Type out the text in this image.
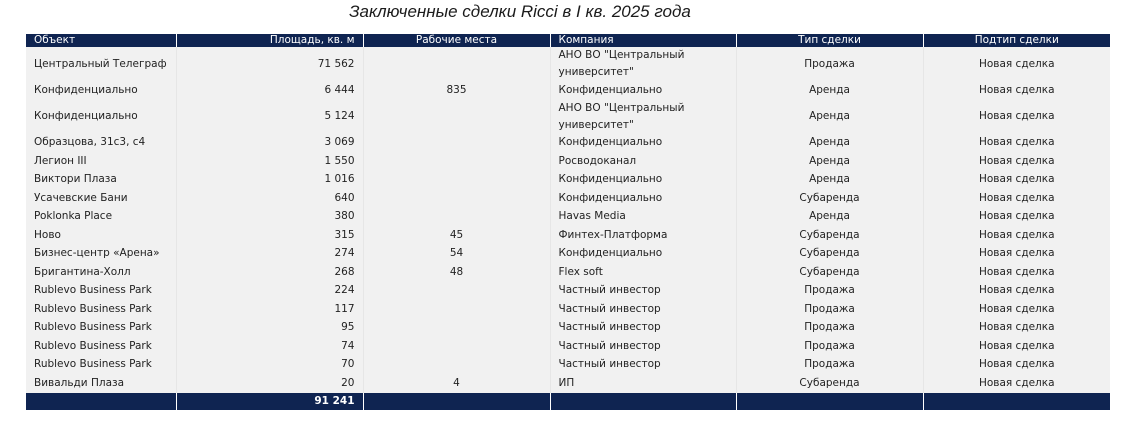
Заключенные сделки Ricci в I кв. 2025 года
Объект	Площадь, кв. м	Рабочие места	Компания	Тип сделки	Подтип сделки
Центральный Телеграф	71 562		АНО ВО "Центральный университет"	Продажа	Новая сделка
Конфиденциально	6 444	835	Конфиденциально	Аренда	Новая сделка
Конфиденциально	5 124		АНО ВО "Центральный университет"	Аренда	Новая сделка
Образцова, 31с3, с4	3 069		Конфиденциально	Аренда	Новая сделка
Легион III	1 550		Росводоканал	Аренда	Новая сделка
Виктори Плаза	1 016		Конфиденциально	Аренда	Новая сделка
Усачевские Бани	640		Конфиденциально	Субаренда	Новая сделка
Poklonka Place	380		Havas Media	Аренда	Новая сделка
Ново	315	45	Финтех-Платформа	Субаренда	Новая сделка
Бизнес-центр «Арена»	274	54	Конфиденциально	Субаренда	Новая сделка
Бригантина-Холл	268	48	Flex soft	Субаренда	Новая сделка
Rublevo Business Park	224		Частный инвестор	Продажа	Новая сделка
Rublevo Business Park	117		Частный инвестор	Продажа	Новая сделка
Rublevo Business Park	95		Частный инвестор	Продажа	Новая сделка
Rublevo Business Park	74		Частный инвестор	Продажа	Новая сделка
Rublevo Business Park	70		Частный инвестор	Продажа	Новая сделка
Вивальди Плаза	20	4	ИП	Субаренда	Новая сделка
	91 241				
